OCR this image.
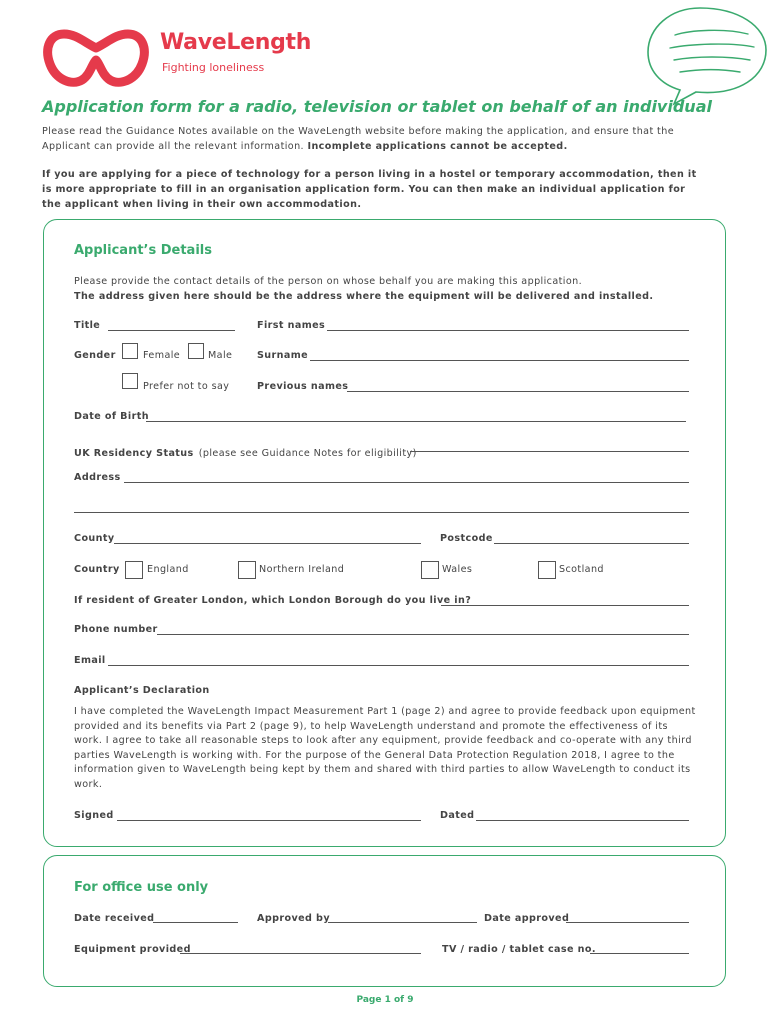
WaveLength
Fighting loneliness
Application form for a radio, television or tablet on behalf of an individual
Please read the Guidance Notes available on the WaveLength website before making the application, and ensure that the Applicant can provide all the relevant information. Incomplete applications cannot be accepted.
If you are applying for a piece of technology for a person living in a hostel or temporary accommodation, then it is more appropriate to fill in an organisation application form. You can then make an individual application for the applicant when living in their own accommodation.
Applicant’s Details
Please provide the contact details of the person on whose behalf you are making this application.
The address given here should be the address where the equipment will be delivered and installed.
Title	First names
Gender	Female	Male	Surname
Prefer not to say	Previous names
Date of Birth
UK Residency Status (please see Guidance Notes for eligibility)
Address
County	Postcode
Country	England	Northern Ireland	Wales	Scotland
If resident of Greater London, which London Borough do you live in?
Phone number
Email
Applicant’s Declaration
I have completed the WaveLength Impact Measurement Part 1 (page 2) and agree to provide feedback upon equipment provided and its benefits via Part 2 (page 9), to help WaveLength understand and promote the effectiveness of its work. I agree to take all reasonable steps to look after any equipment, provide feedback and co-operate with any third parties WaveLength is working with. For the purpose of the General Data Protection Regulation 2018, I agree to the information given to WaveLength being kept by them and shared with third parties to allow WaveLength to conduct its work.
Signed	Dated
For office use only
Date received	Approved by	Date approved
Equipment provided	TV / radio / tablet case no.
Page 1 of 9
